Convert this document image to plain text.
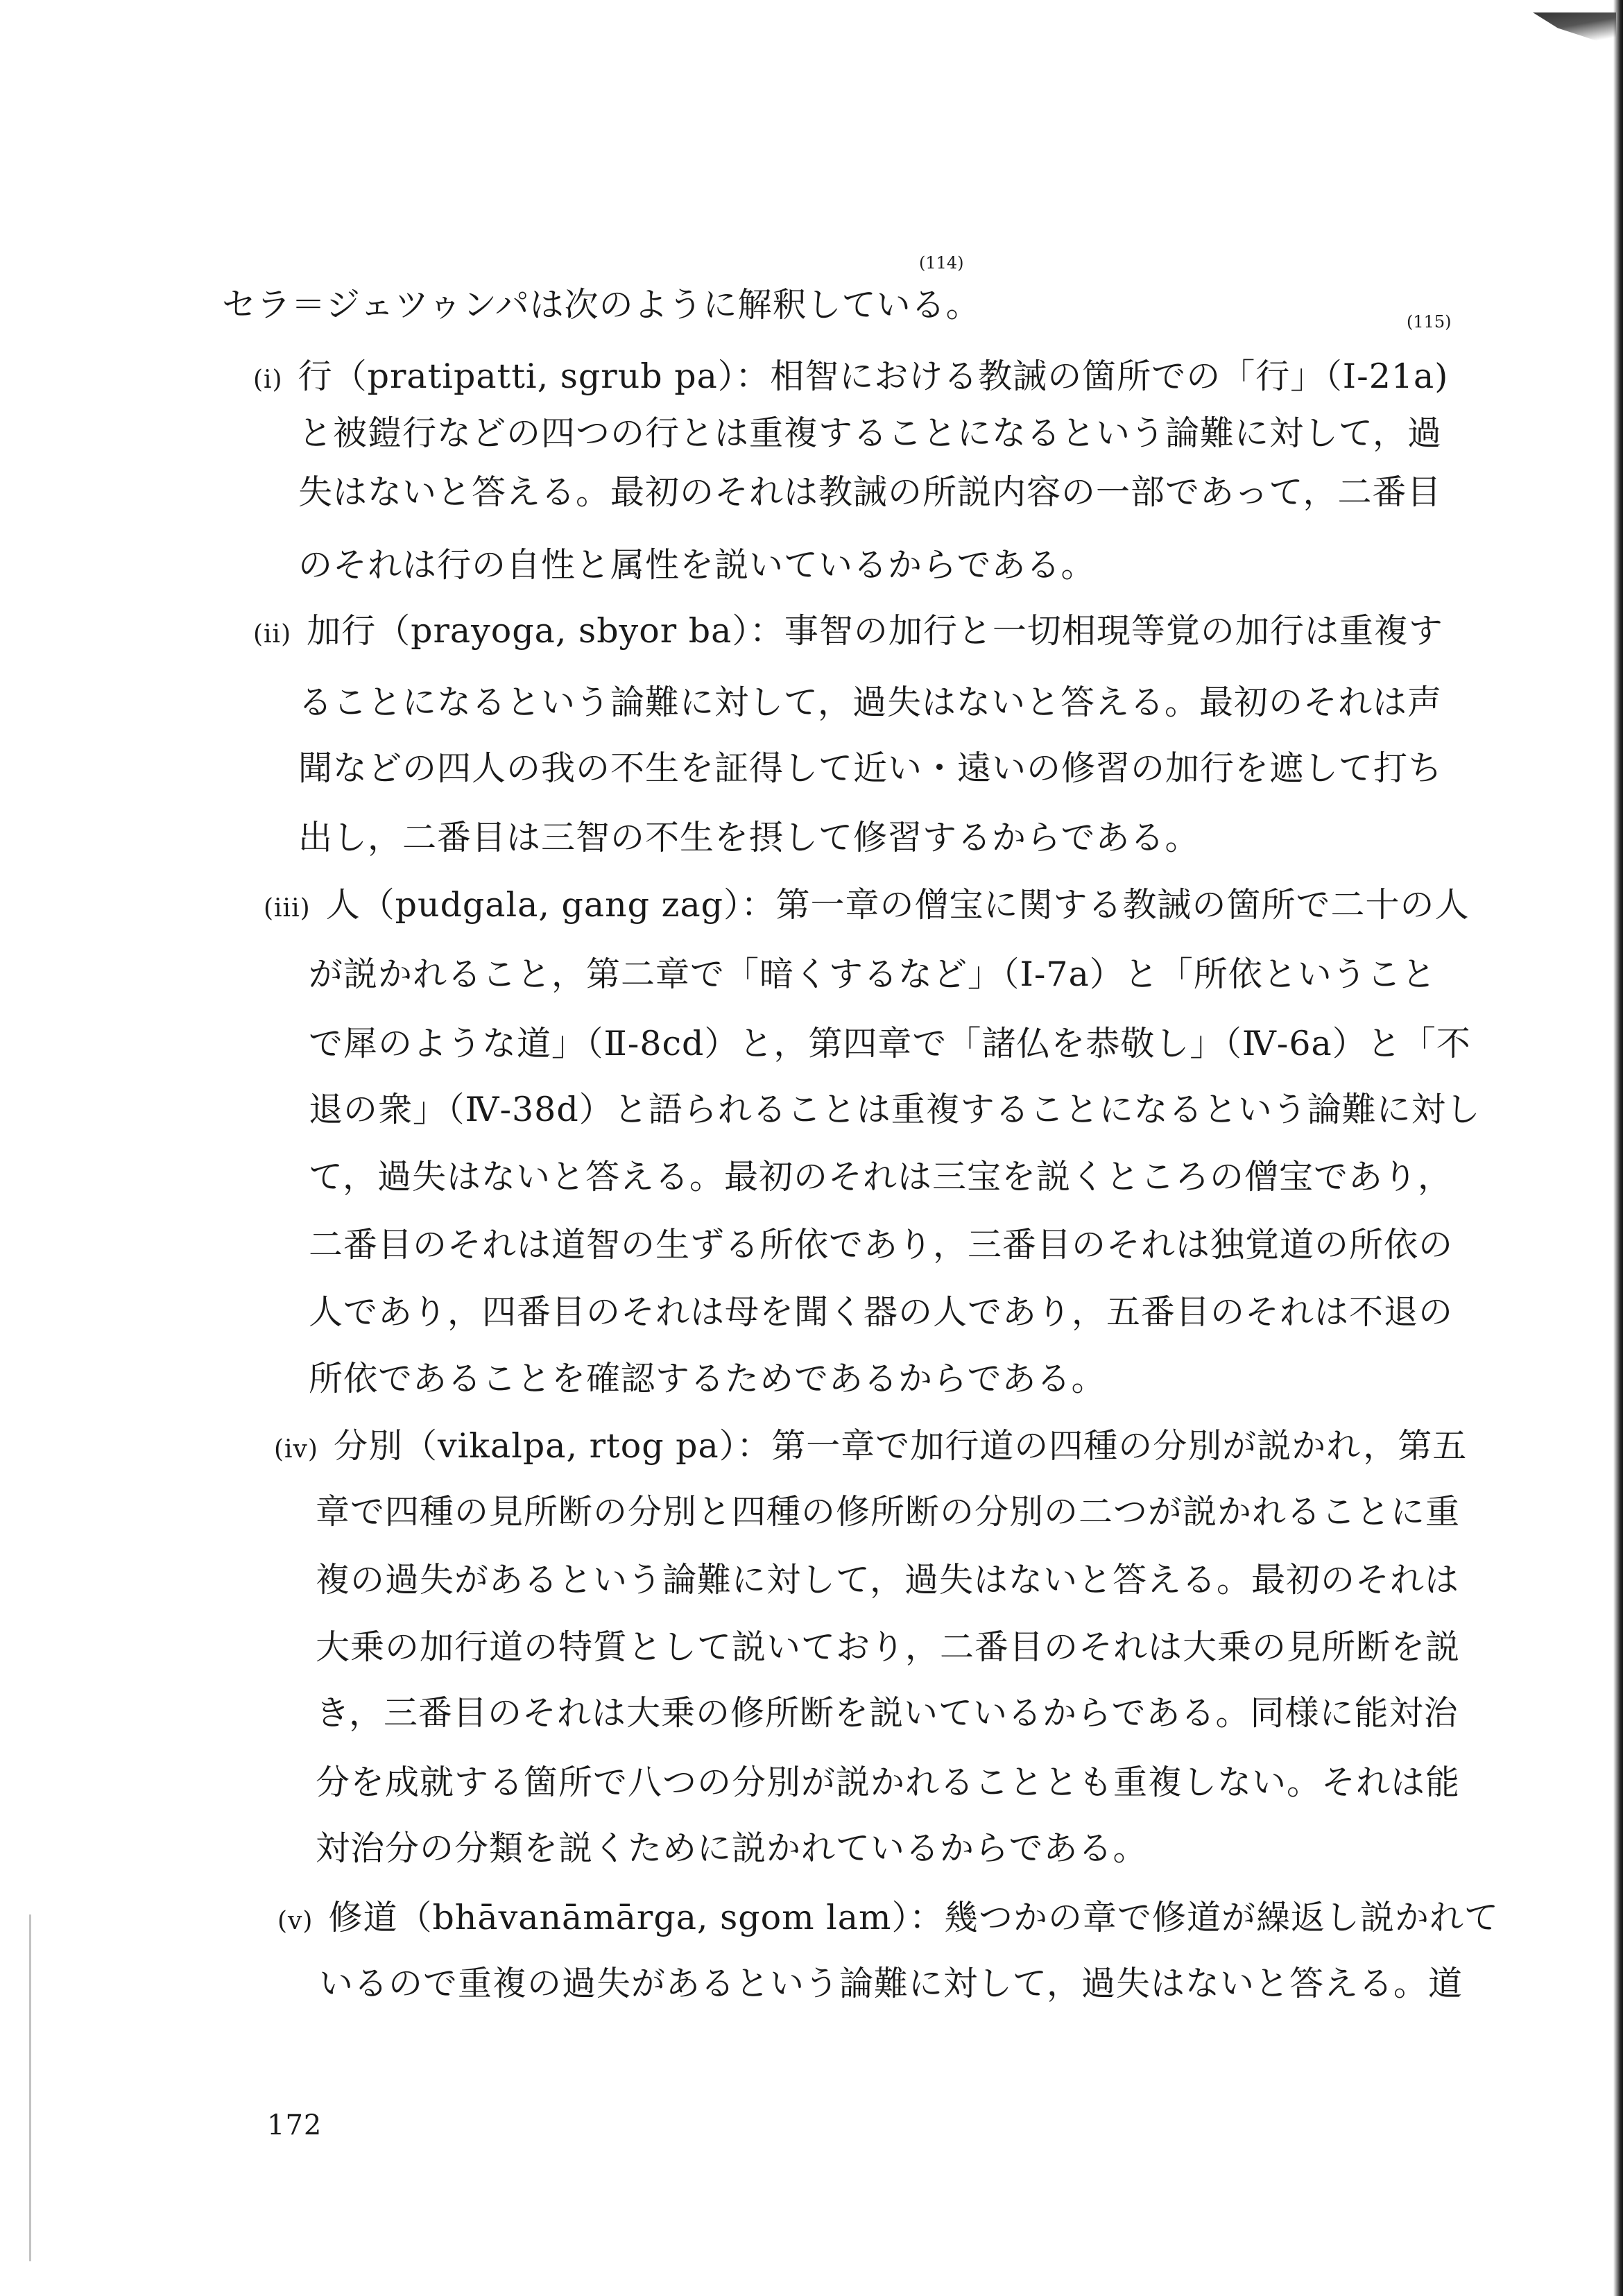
(114)
セラ＝ジェツゥンパは次のように解釈している。	(115)
(i) 行（pratipatti, sgrub pa）：相智における教誡の箇所での「行」（I-21a)
と被鎧行などの四つの行とは重複することになるという論難に対して，過
失はないと答える。最初のそれは教誡の所説内容の一部であって，二番目
のそれは行の自性と属性を説いているからである。
(ii) 加行（prayoga, sbyor ba）：事智の加行と一切相現等覚の加行は重複す
ることになるという論難に対して，過失はないと答える。最初のそれは声
聞などの四人の我の不生を証得して近い・遠いの修習の加行を遮して打ち
出し，二番目は三智の不生を摂して修習するからである。
(iii) 人（pudgala, gang zag）：第一章の僧宝に関する教誡の箇所で二十の人
が説かれること，第二章で「暗くするなど」（I-7a）と「所依ということ
で犀のような道」（Ⅱ-8cd）と，第四章で「諸仏を恭敬し」（Ⅳ-6a）と「不
退の衆」（Ⅳ-38d）と語られることは重複することになるという論難に対し
て，過失はないと答える。最初のそれは三宝を説くところの僧宝であり，
二番目のそれは道智の生ずる所依であり，三番目のそれは独覚道の所依の
人であり，四番目のそれは母を聞く器の人であり，五番目のそれは不退の
所依であることを確認するためであるからである。
(iv) 分別（vikalpa, rtog pa）：第一章で加行道の四種の分別が説かれ，第五
章で四種の見所断の分別と四種の修所断の分別の二つが説かれることに重
複の過失があるという論難に対して，過失はないと答える。最初のそれは
大乗の加行道の特質として説いており，二番目のそれは大乗の見所断を説
き，三番目のそれは大乗の修所断を説いているからである。同様に能対治
分を成就する箇所で八つの分別が説かれることとも重複しない。それは能
対治分の分類を説くために説かれているからである。
(v) 修道（bhāvanāmārga, sgom lam）：幾つかの章で修道が繰返し説かれて
いるので重複の過失があるという論難に対して，過失はないと答える。道
172
